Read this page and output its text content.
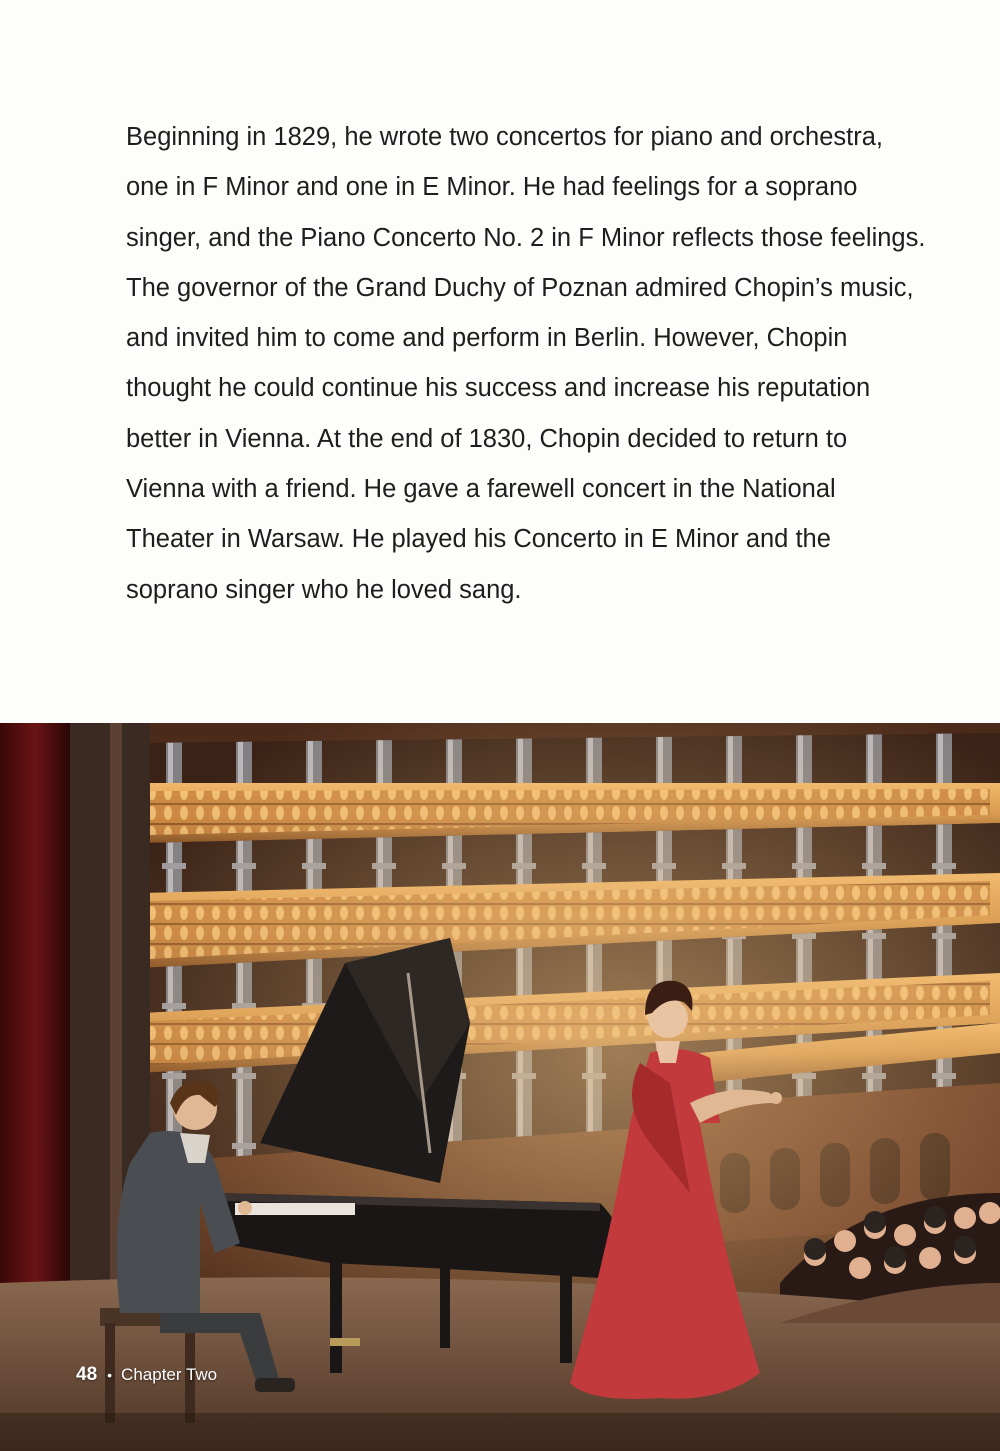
Beginning in 1829, he wrote two concertos for piano and orchestra, one in F Minor and one in E Minor. He had feelings for a soprano singer, and the Piano Concerto No. 2 in F Minor reflects those feelings.

The governor of the Grand Duchy of Poznan admired Chopin’s music, and invited him to come and perform in Berlin. However, Chopin thought he could continue his success and increase his reputation better in Vienna. At the end of 1830, Chopin decided to return to Vienna with a friend. He gave a farewell concert in the National Theater in Warsaw. He played his Concerto in E Minor and the soprano singer who he loved sang.

48 • Chapter Two
